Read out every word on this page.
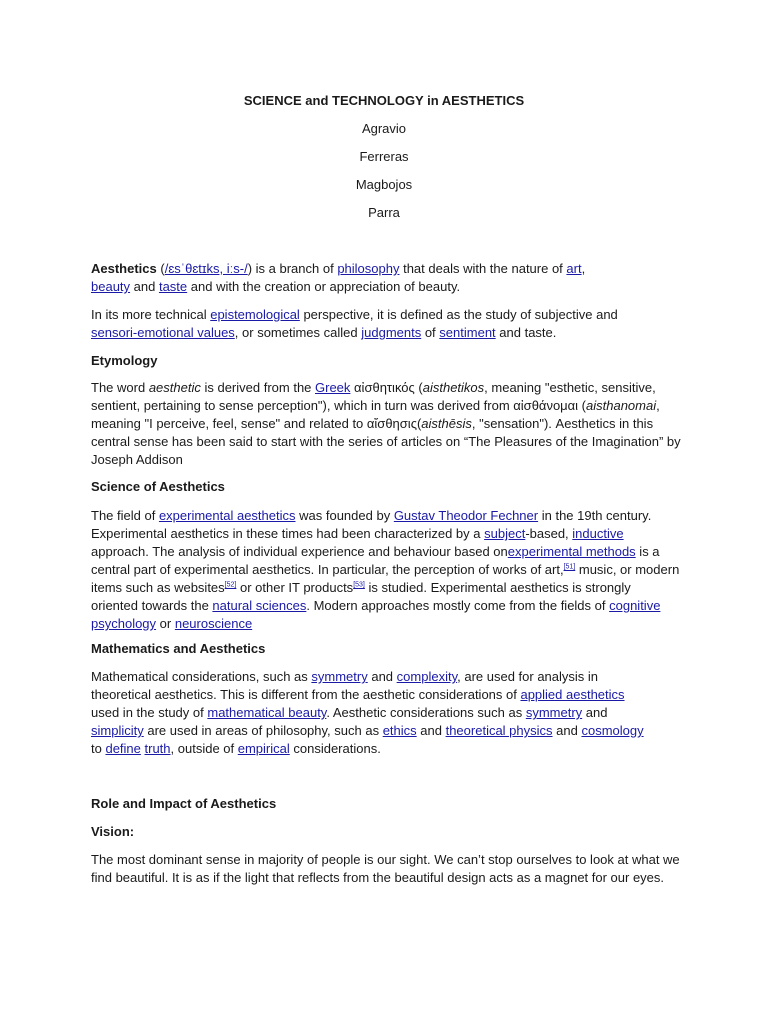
SCIENCE and TECHNOLOGY in AESTHETICS
Agravio
Ferreras
Magbojos
Parra
Aesthetics (/ɛsˈθɛtɪks, iːs-/) is a branch of philosophy that deals with the nature of art, beauty and taste and with the creation or appreciation of beauty.
In its more technical epistemological perspective, it is defined as the study of subjective and sensori-emotional values, or sometimes called judgments of sentiment and taste.
Etymology
The word aesthetic is derived from the Greek αἰσθητικός (aisthetikos, meaning "esthetic, sensitive, sentient, pertaining to sense perception"), which in turn was derived from αἰσθάνομαι (aisthanomai, meaning "I perceive, feel, sense" and related to αἴσθησις(aisthēsis, "sensation"). Aesthetics in this central sense has been said to start with the series of articles on “The Pleasures of the Imagination” by Joseph Addison
Science of Aesthetics
The field of experimental aesthetics was founded by Gustav Theodor Fechner in the 19th century. Experimental aesthetics in these times had been characterized by a subject-based, inductive approach. The analysis of individual experience and behaviour based onexperimental methods is a central part of experimental aesthetics. In particular, the perception of works of art,[51] music, or modern items such as websites[52] or other IT products[53] is studied. Experimental aesthetics is strongly oriented towards the natural sciences. Modern approaches mostly come from the fields of cognitive psychology or neuroscience
Mathematics and Aesthetics
Mathematical considerations, such as symmetry and complexity, are used for analysis in theoretical aesthetics. This is different from the aesthetic considerations of applied aesthetics used in the study of mathematical beauty. Aesthetic considerations such as symmetry and simplicity are used in areas of philosophy, such as ethics and theoretical physics and cosmology to define truth, outside of empirical considerations.
Role and Impact of Aesthetics
Vision:
The most dominant sense in majority of people is our sight. We can’t stop ourselves to look at what we find beautiful. It is as if the light that reflects from the beautiful design acts as a magnet for our eyes.
